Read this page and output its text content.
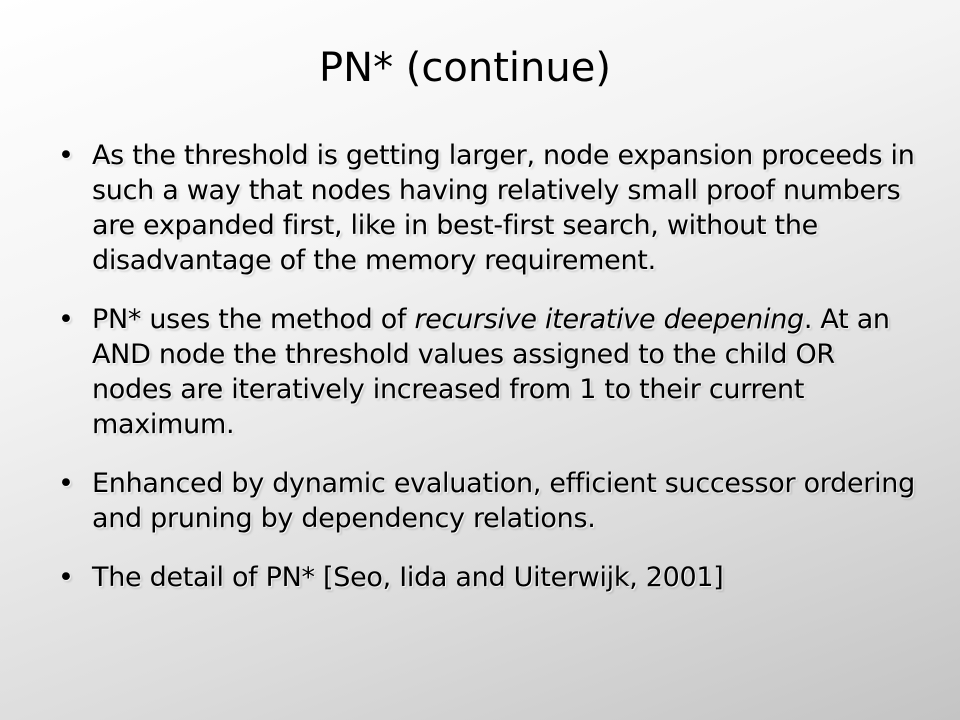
PN* (continue)
• As the threshold is getting larger, node expansion proceeds in such a way that nodes having relatively small proof numbers are expanded first, like in best-first search, without the disadvantage of the memory requirement.
• PN* uses the method of recursive iterative deepening. At an AND node the threshold values assigned to the child OR nodes are iteratively increased from 1 to their current maximum.
• Enhanced by dynamic evaluation, efficient successor ordering and pruning by dependency relations.
• The detail of PN* [Seo, Iida and Uiterwijk, 2001]
